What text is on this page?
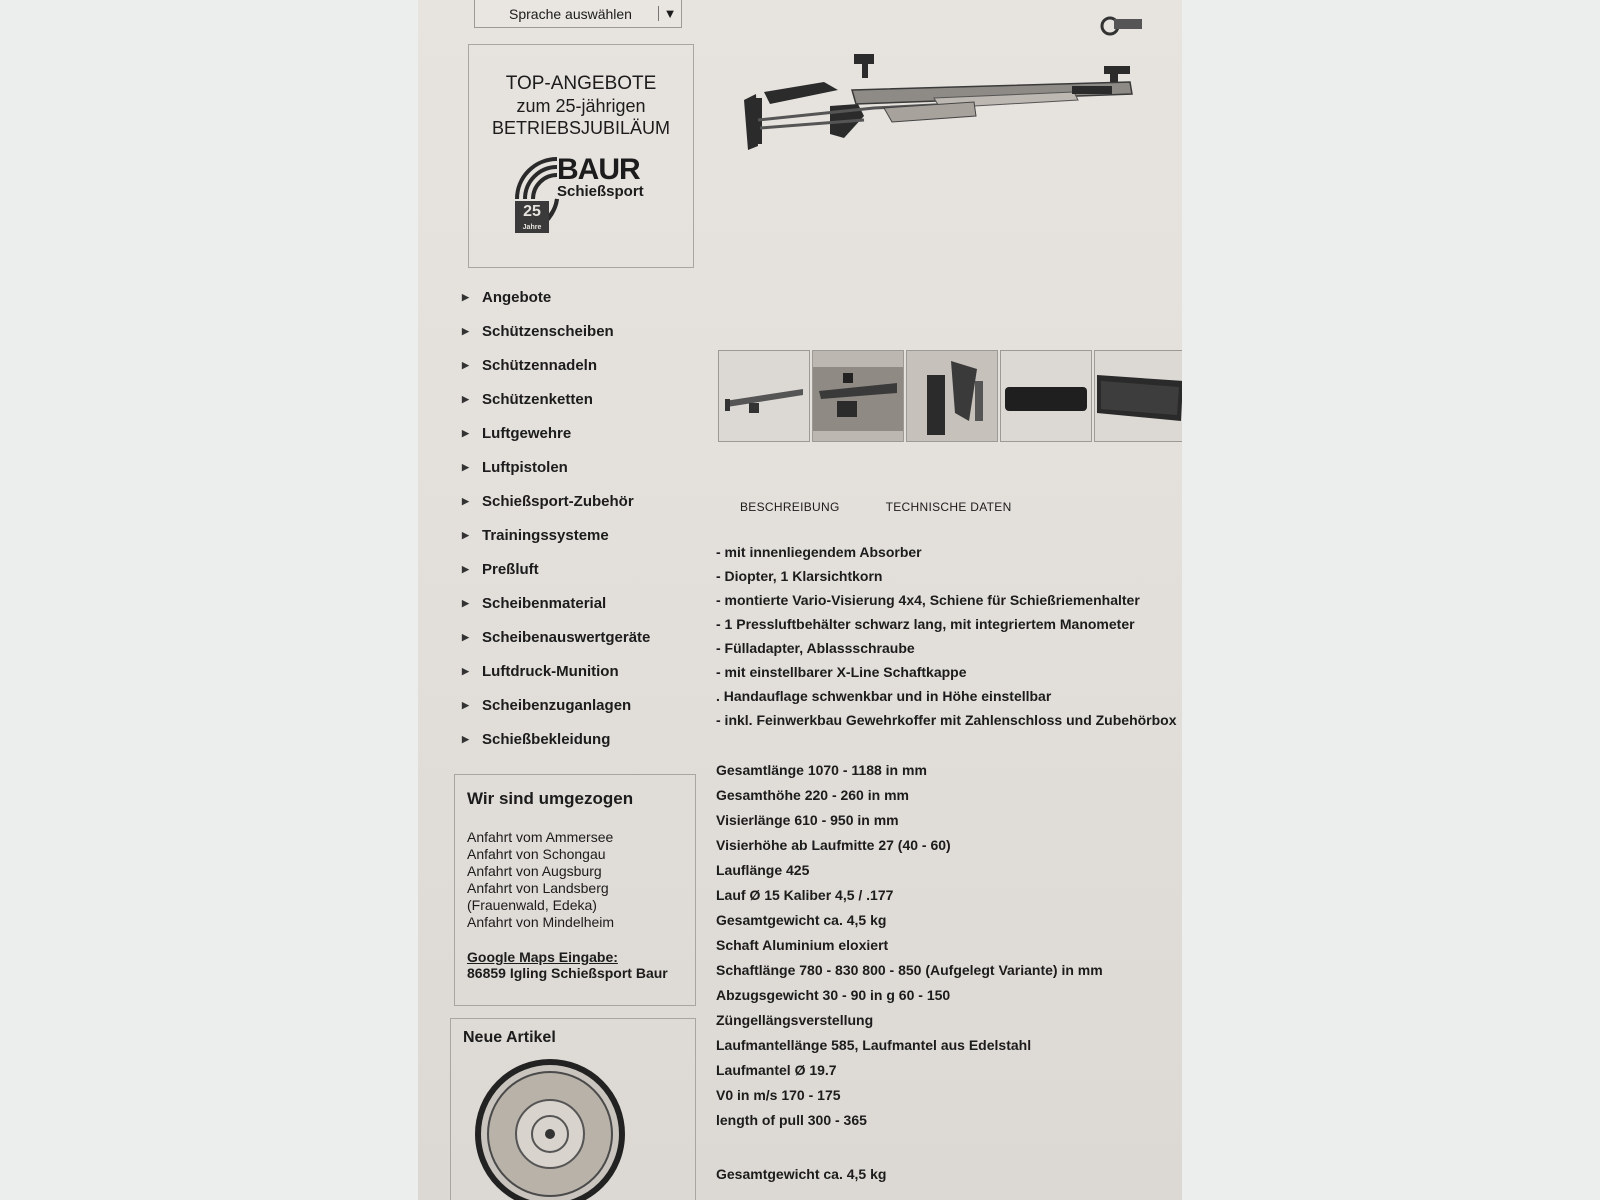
Sprache auswählen	▼
TOP-ANGEBOTE
zum 25-jährigen
BETRIEBSJUBILÄUM
BAUR
Schießsport
25
Jahre
▶ Angebote
▶ Schützenscheiben
▶ Schützennadeln
▶ Schützenketten
▶ Luftgewehre
▶ Luftpistolen
▶ Schießsport-Zubehör
▶ Trainingssysteme
▶ Preßluft
▶ Scheibenmaterial
▶ Scheibenauswertgeräte
▶ Luftdruck-Munition
▶ Scheibenzuganlagen
▶ Schießbekleidung
Wir sind umgezogen
Anfahrt vom Ammersee
Anfahrt von Schongau
Anfahrt von Augsburg
Anfahrt von Landsberg
(Frauenwald, Edeka)
Anfahrt von Mindelheim
Google Maps Eingabe:
86859 Igling Schießsport Baur
Neue Artikel
BESCHREIBUNG	TECHNISCHE DATEN
- mit innenliegendem Absorber
- Diopter, 1 Klarsichtkorn
- montierte Vario-Visierung 4x4, Schiene für Schießriemenhalter
- 1 Pressluftbehälter schwarz lang, mit integriertem Manometer
- Fülladapter, Ablassschraube
- mit einstellbarer X-Line Schaftkappe
. Handauflage schwenkbar und in Höhe einstellbar
- inkl. Feinwerkbau Gewehrkoffer mit Zahlenschloss und Zubehörbox
Gesamtlänge 1070 - 1188 in mm
Gesamthöhe 220 - 260 in mm
Visierlänge 610 - 950 in mm
Visierhöhe ab Laufmitte 27 (40 - 60)
Lauflänge 425
Lauf Ø 15 Kaliber 4,5 / .177
Gesamtgewicht ca. 4,5 kg
Schaft Aluminium eloxiert
Schaftlänge 780 - 830 800 - 850 (Aufgelegt Variante) in mm
Abzugsgewicht 30 - 90 in g 60 - 150
Züngellängsverstellung
Laufmantellänge 585, Laufmantel aus Edelstahl
Laufmantel Ø 19.7
V0 in m/s 170 - 175
length of pull 300 - 365
Gesamtgewicht ca. 4,5 kg
